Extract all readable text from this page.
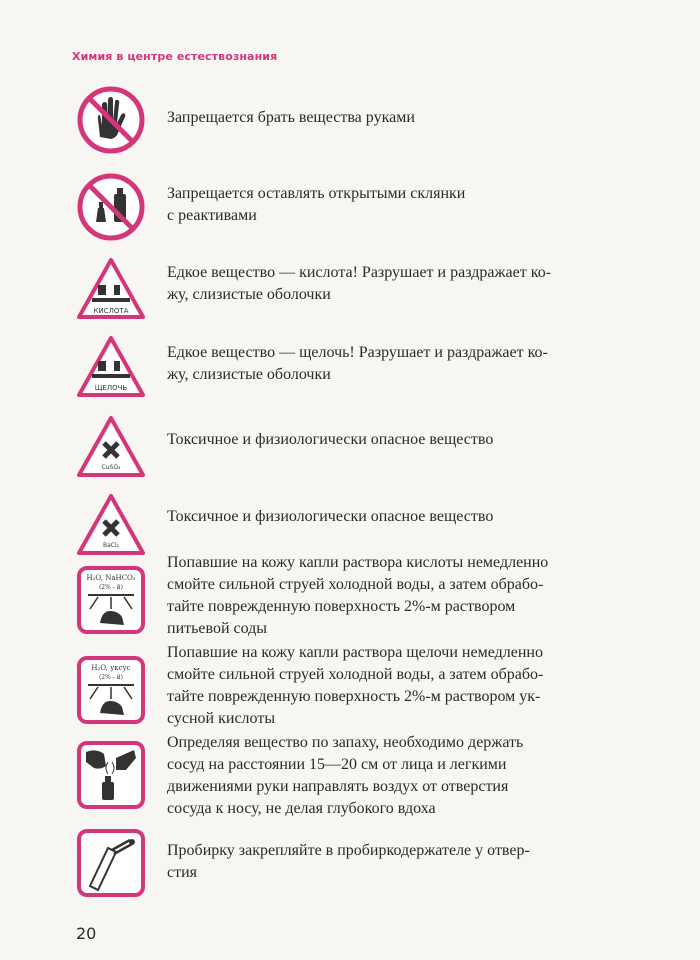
Химия в центре естествознания
Запрещается брать вещества руками
Запрещается оставлять открытыми склянки
с реактивами
КИСЛОТА
Едкое вещество — кислота! Разрушает и раздражает ко-
жу, слизистые оболочки
ЩЕЛОЧЬ
Едкое вещество — щелочь! Разрушает и раздражает ко-
жу, слизистые оболочки
CuSO₄
Токсичное и физиологически опасное вещество
BaCl₂
Токсичное и физиологически опасное вещество
H₂O, NaHCO₃
(2% - й)
Попавшие на кожу капли раствора кислоты немедленно
смойте сильной струей холодной воды, а затем обрабо-
тайте поврежденную поверхность 2%-м раствором
питьевой соды
H₂O, уксус
(2% - й)
Попавшие на кожу капли раствора щелочи немедленно
смойте сильной струей холодной воды, а затем обрабо-
тайте поврежденную поверхность 2%-м раствором ук-
сусной кислоты
Определяя вещество по запаху, необходимо держать
сосуд на расстоянии 15—20 см от лица и легкими
движениями руки направлять воздух от отверстия
сосуда к носу, не делая глубокого вдоха
Пробирку закрепляйте в пробиркодержателе у отвер-
стия
20
